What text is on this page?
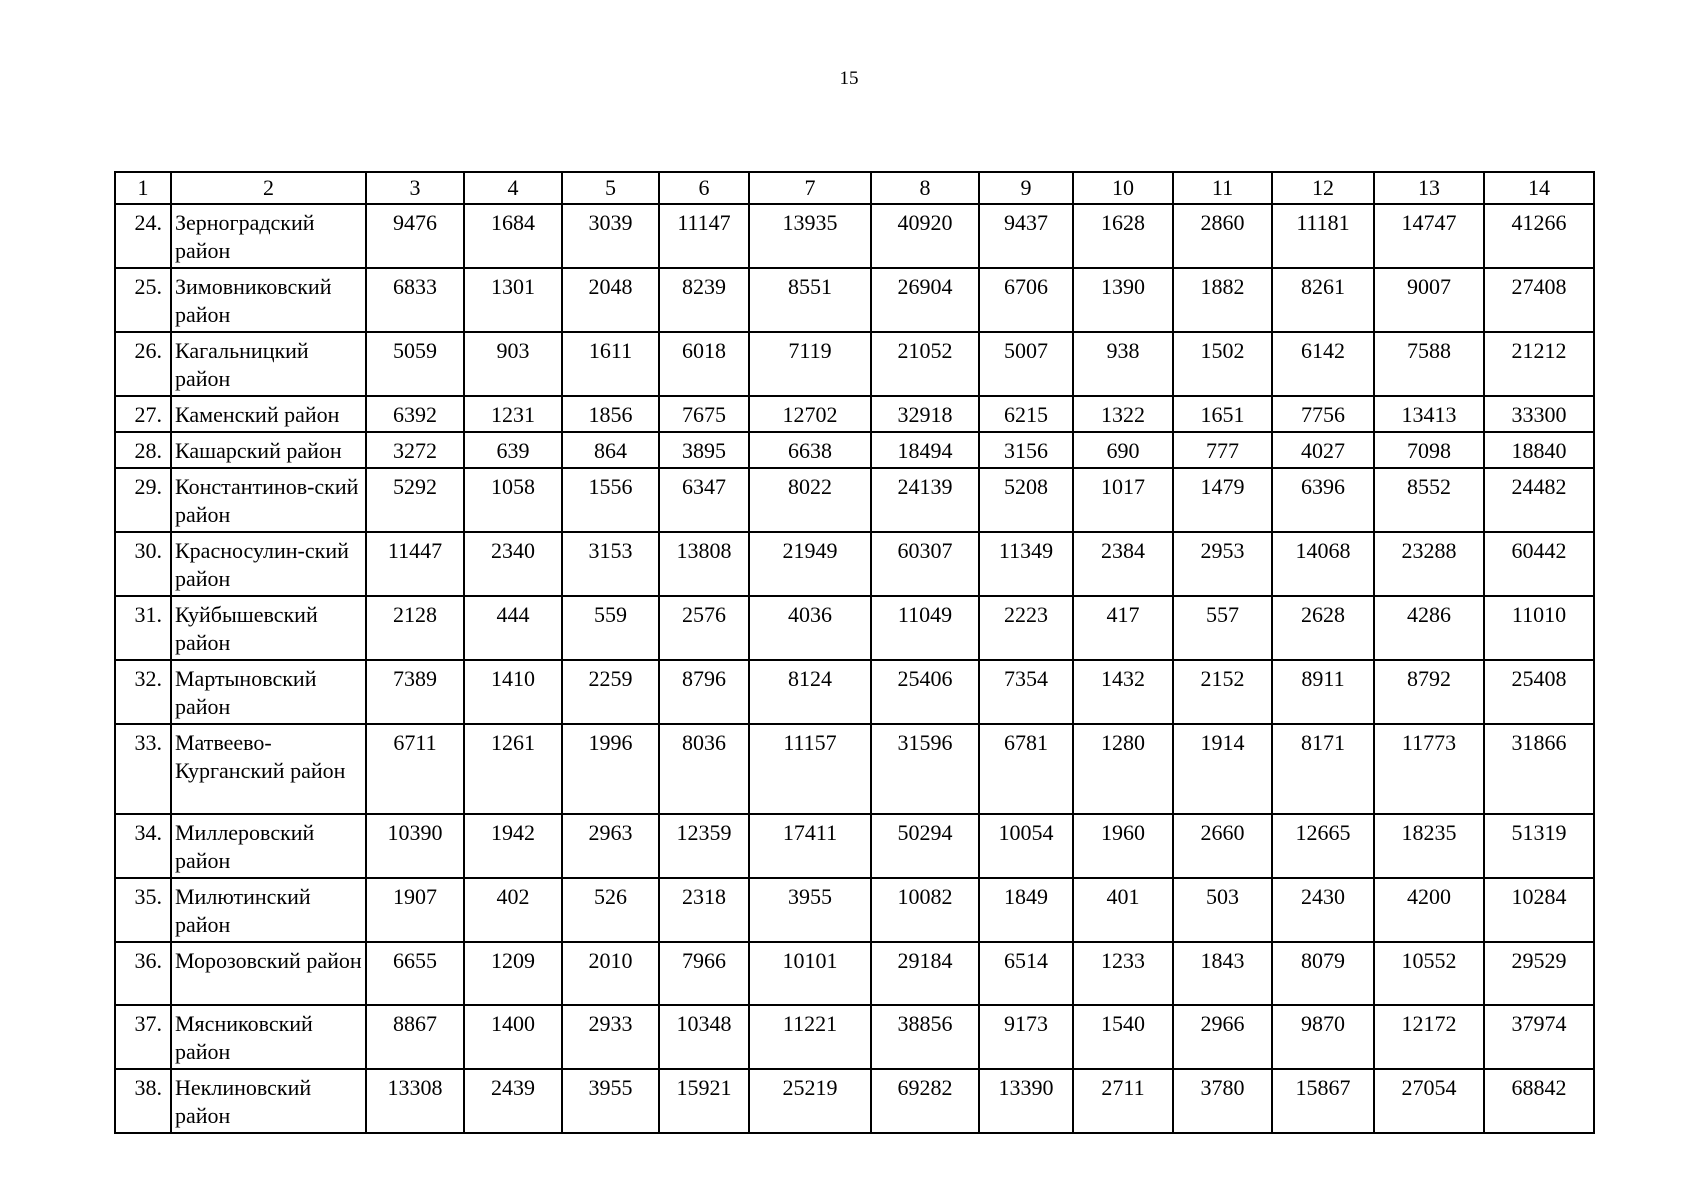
15
1	2	3	4	5	6	7	8	9	10	11	12	13	14
24.	Зерноградский район	9476	1684	3039	11147	13935	40920	9437	1628	2860	11181	14747	41266
25.	Зимовниковский район	6833	1301	2048	8239	8551	26904	6706	1390	1882	8261	9007	27408
26.	Кагальницкий район	5059	903	1611	6018	7119	21052	5007	938	1502	6142	7588	21212
27.	Каменский район	6392	1231	1856	7675	12702	32918	6215	1322	1651	7756	13413	33300
28.	Кашарский район	3272	639	864	3895	6638	18494	3156	690	777	4027	7098	18840
29.	Константинов-ский район	5292	1058	1556	6347	8022	24139	5208	1017	1479	6396	8552	24482
30.	Красносулин-ский район	11447	2340	3153	13808	21949	60307	11349	2384	2953	14068	23288	60442
31.	Куйбышевский район	2128	444	559	2576	4036	11049	2223	417	557	2628	4286	11010
32.	Мартыновский район	7389	1410	2259	8796	8124	25406	7354	1432	2152	8911	8792	25408
33.	Матвеево-Курганский район	6711	1261	1996	8036	11157	31596	6781	1280	1914	8171	11773	31866
34.	Миллеровский район	10390	1942	2963	12359	17411	50294	10054	1960	2660	12665	18235	51319
35.	Милютинский район	1907	402	526	2318	3955	10082	1849	401	503	2430	4200	10284
36.	Морозовский район	6655	1209	2010	7966	10101	29184	6514	1233	1843	8079	10552	29529
37.	Мясниковский район	8867	1400	2933	10348	11221	38856	9173	1540	2966	9870	12172	37974
38.	Неклиновский район	13308	2439	3955	15921	25219	69282	13390	2711	3780	15867	27054	68842
